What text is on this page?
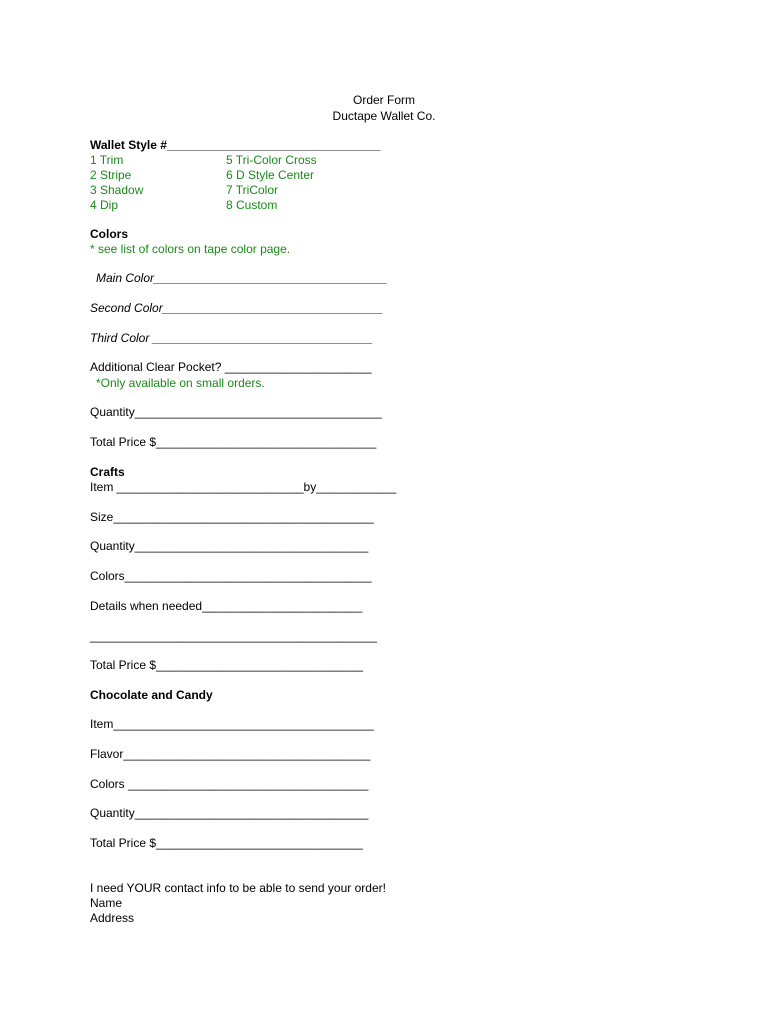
Order Form
Ductape Wallet Co.
Wallet Style #________________________________
1 Trim
2 Stripe
3 Shadow
4 Dip
5 Tri-Color Cross
6 D Style Center
7 TriColor
8 Custom
Colors
* see list of colors on tape color page.
Main Color___________________________________
Second Color_________________________________
Third Color _________________________________
Additional Clear Pocket? ______________________
*Only available on small orders.
Quantity_____________________________________
Total Price $_________________________________
Crafts
Item ____________________________by____________
Size_______________________________________
Quantity___________________________________
Colors_____________________________________
Details when needed________________________
___________________________________________
Total Price $_______________________________
Chocolate and Candy
Item_______________________________________
Flavor_____________________________________
Colors ____________________________________
Quantity___________________________________
Total Price $_______________________________
I need YOUR contact info to be able to send your order!
Name
Address
